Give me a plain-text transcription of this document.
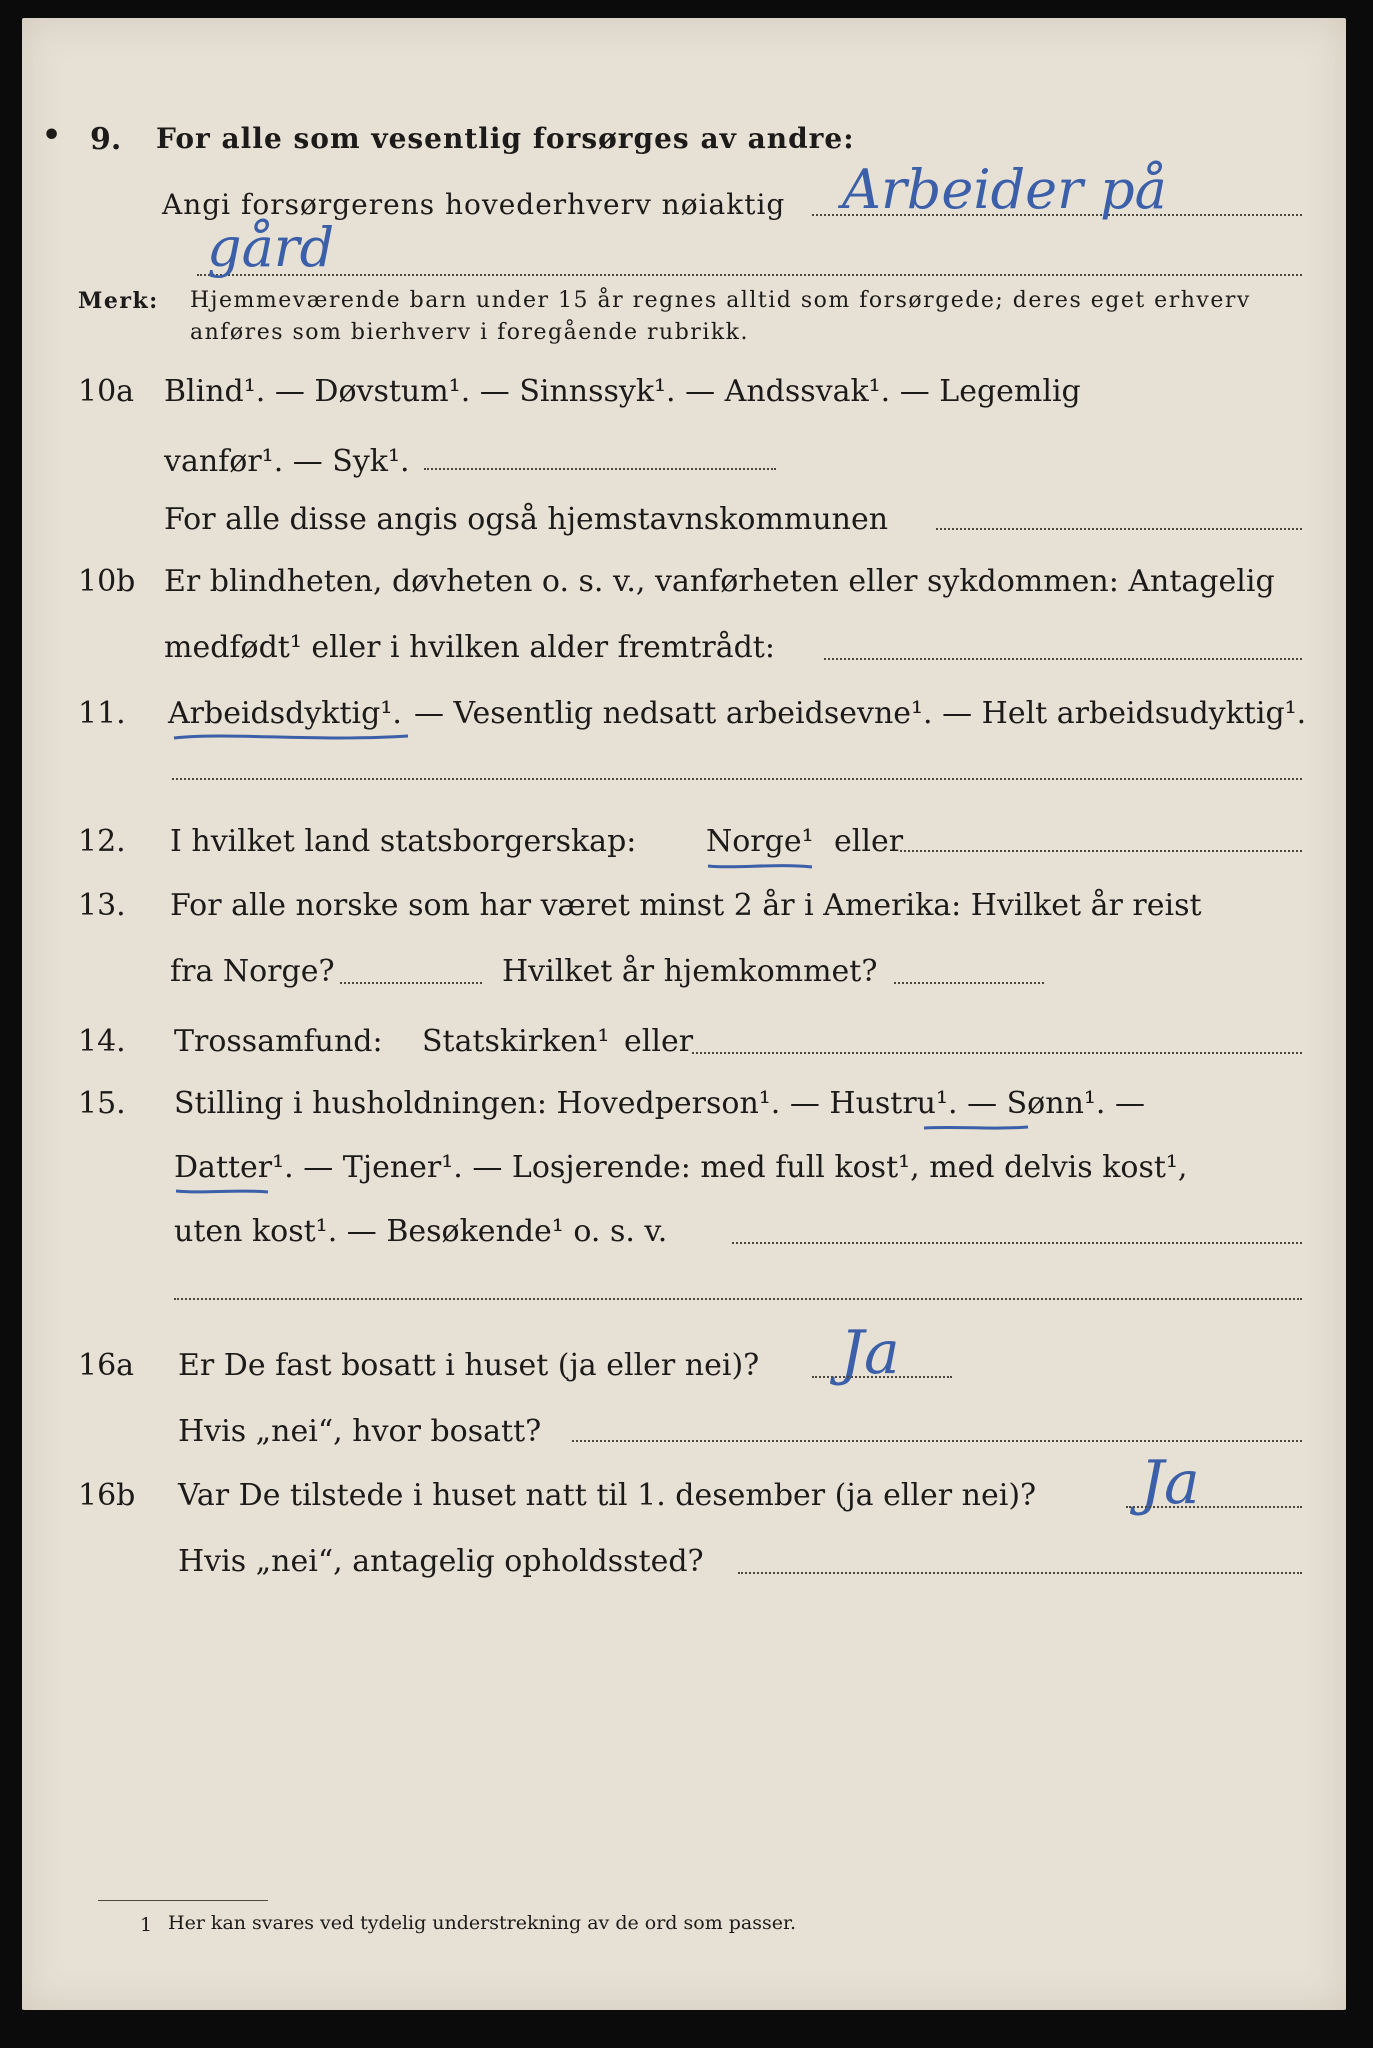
• 9. For alle som vesentlig forsørges av andre:
Angi forsørgerens hovederhverv nøiaktig Arbeider på
gård
Merk: Hjemmeværende barn under 15 år regnes alltid som forsørgede; deres eget erhverv
anføres som bierhverv i foregående rubrikk.
10a Blind¹. — Døvstum¹. — Sinnssyk¹. — Andssvak¹. — Legemlig
vanfør¹. — Syk¹.
For alle disse angis også hjemstavnskommunen
10b Er blindheten, døvheten o. s. v., vanførheten eller sykdommen: Antagelig
medfødt¹ eller i hvilken alder fremtrådt:
11. Arbeidsdyktig¹. — Vesentlig nedsatt arbeidsevne¹. — Helt arbeidsudyktig¹.
12. I hvilket land statsborgerskap: Norge¹ eller
13. For alle norske som har været minst 2 år i Amerika: Hvilket år reist
fra Norge?	Hvilket år hjemkommet?
14. Trossamfund: Statskirken¹ eller
15. Stilling i husholdningen: Hovedperson¹. — Hustru¹. — Sønn¹. —
Datter¹. — Tjener¹. — Losjerende: med full kost¹, med delvis kost¹,
uten kost¹. — Besøkende¹ o. s. v.
16a Er De fast bosatt i huset (ja eller nei)? Ja
Hvis „nei“, hvor bosatt?
16b Var De tilstede i huset natt til 1. desember (ja eller nei)? Ja
Hvis „nei“, antagelig opholdssted?
1 Her kan svares ved tydelig understrekning av de ord som passer.
